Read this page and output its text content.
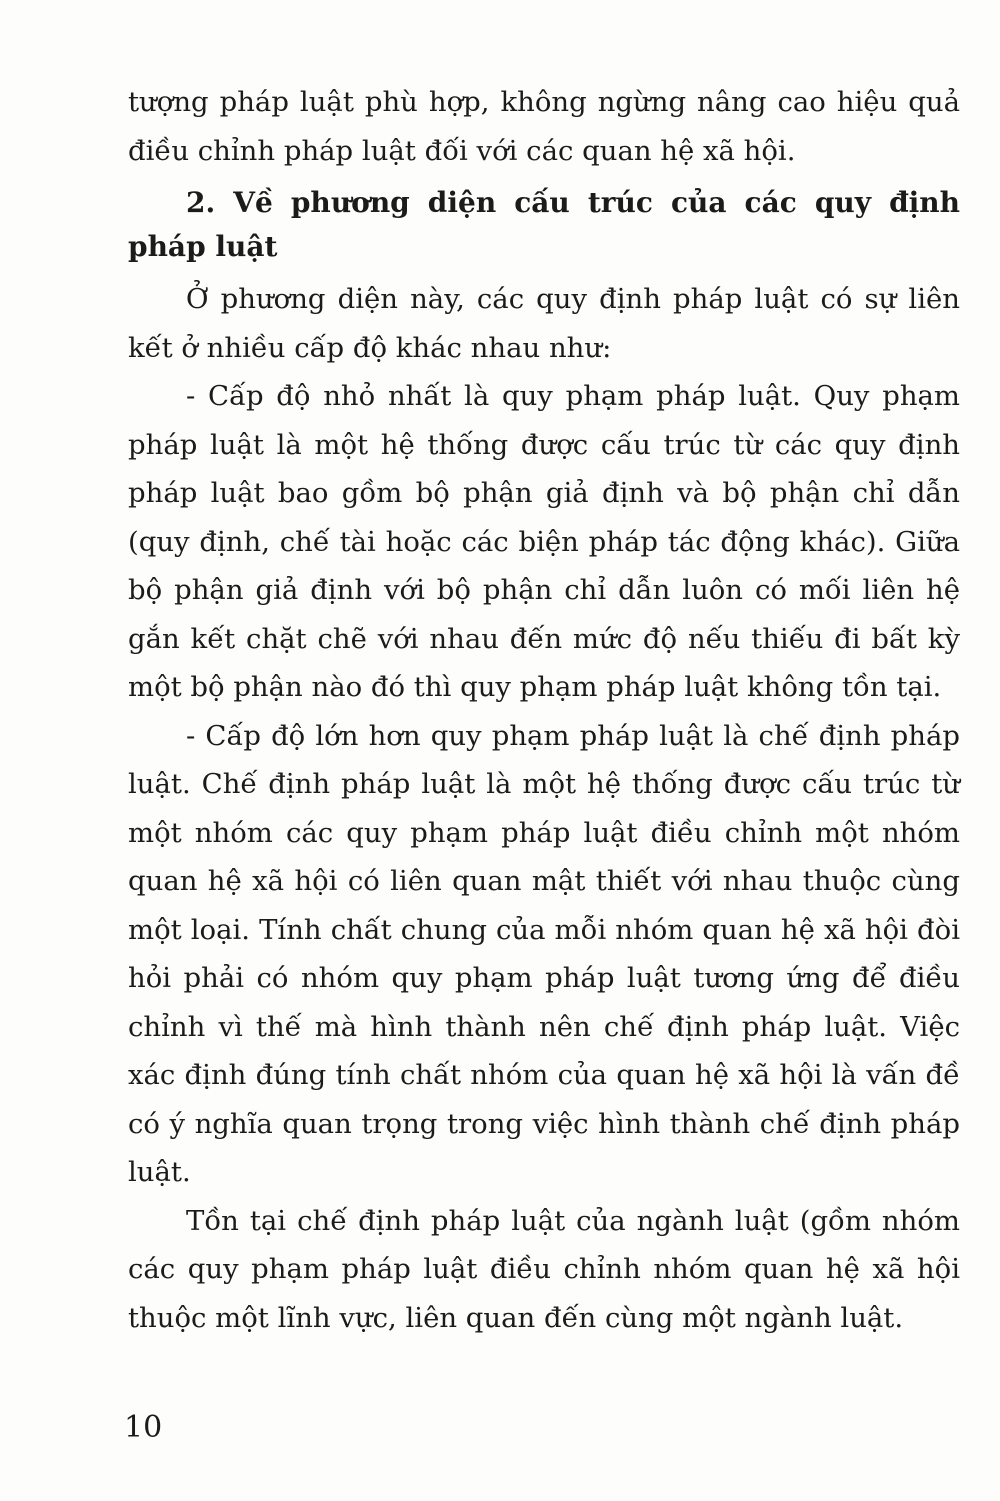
tượng pháp luật phù hợp, không ngừng nâng cao hiệu quả điều chỉnh pháp luật đối với các quan hệ xã hội.

2. Về phương diện cấu trúc của các quy định pháp luật

Ở phương diện này, các quy định pháp luật có sự liên kết ở nhiều cấp độ khác nhau như:

- Cấp độ nhỏ nhất là quy phạm pháp luật. Quy phạm pháp luật là một hệ thống được cấu trúc từ các quy định pháp luật bao gồm bộ phận giả định và bộ phận chỉ dẫn (quy định, chế tài hoặc các biện pháp tác động khác). Giữa bộ phận giả định với bộ phận chỉ dẫn luôn có mối liên hệ gắn kết chặt chẽ với nhau đến mức độ nếu thiếu đi bất kỳ một bộ phận nào đó thì quy phạm pháp luật không tồn tại.

- Cấp độ lớn hơn quy phạm pháp luật là chế định pháp luật. Chế định pháp luật là một hệ thống được cấu trúc từ một nhóm các quy phạm pháp luật điều chỉnh một nhóm quan hệ xã hội có liên quan mật thiết với nhau thuộc cùng một loại. Tính chất chung của mỗi nhóm quan hệ xã hội đòi hỏi phải có nhóm quy phạm pháp luật tương ứng để điều chỉnh vì thế mà hình thành nên chế định pháp luật. Việc xác định đúng tính chất nhóm của quan hệ xã hội là vấn đề có ý nghĩa quan trọng trong việc hình thành chế định pháp luật.

Tồn tại chế định pháp luật của ngành luật (gồm nhóm các quy phạm pháp luật điều chỉnh nhóm quan hệ xã hội thuộc một lĩnh vực, liên quan đến cùng một ngành luật.

10
